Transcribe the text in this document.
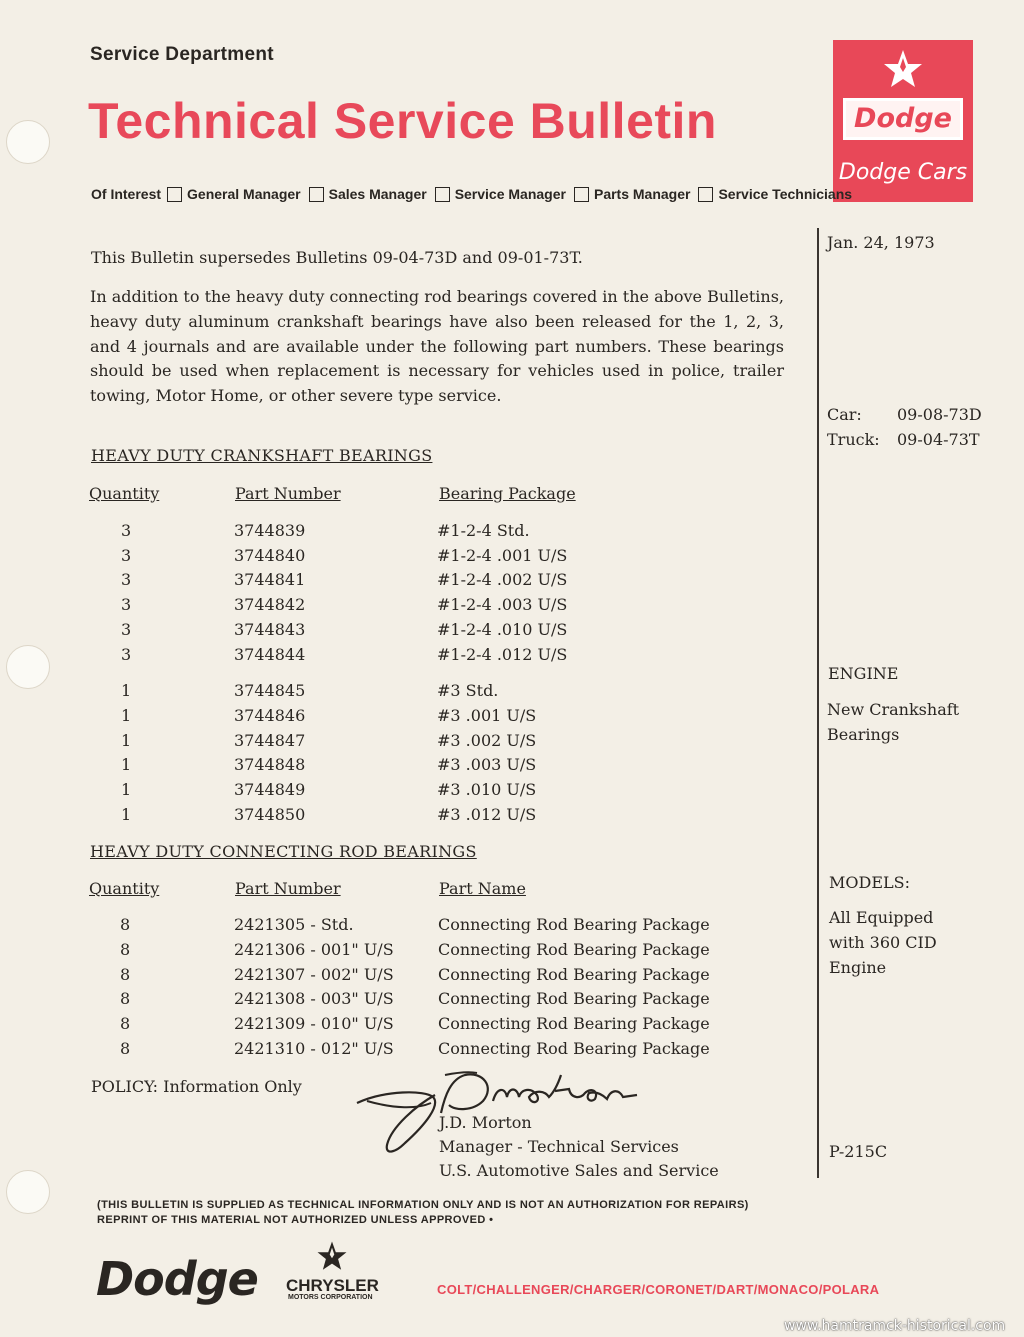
Service Department
Technical Service Bulletin	Dodge
Dodge Cars
Of Interest General Manager Sales Manager Service Manager Parts Manager Service Technicians
This Bulletin supersedes Bulletins 09-04-73D and 09-01-73T.
In addition to the heavy duty connecting rod bearings covered in the above Bulletins, heavy duty aluminum crankshaft bearings have also been released for the 1, 2, 3, and 4 journals and are available under the following part numbers. These bearings should be used when replacement is necessary for vehicles used in police, trailer towing, Motor Home, or other severe type service.
HEAVY DUTY CRANKSHAFT BEARINGS
Quantity	Part Number	Bearing Package
3	3744839	#1-2-4 Std.
3	3744840	#1-2-4 .001 U/S
3	3744841	#1-2-4 .002 U/S
3	3744842	#1-2-4 .003 U/S
3	3744843	#1-2-4 .010 U/S
3	3744844	#1-2-4 .012 U/S
1	3744845	#3 Std.
1	3744846	#3 .001 U/S
1	3744847	#3 .002 U/S
1	3744848	#3 .003 U/S
1	3744849	#3 .010 U/S
1	3744850	#3 .012 U/S
HEAVY DUTY CONNECTING ROD BEARINGS
Quantity	Part Number	Part Name
8	2421305 - Std.	Connecting Rod Bearing Package
8	2421306 - 001" U/S	Connecting Rod Bearing Package
8	2421307 - 002" U/S	Connecting Rod Bearing Package
8	2421308 - 003" U/S	Connecting Rod Bearing Package
8	2421309 - 010" U/S	Connecting Rod Bearing Package
8	2421310 - 012" U/S	Connecting Rod Bearing Package
POLICY: Information Only
J.D. Morton
Manager - Technical Services
U.S. Automotive Sales and Service
Jan. 24, 1973
Car: 09-08-73D
Truck: 09-04-73T
ENGINE
New Crankshaft
Bearings
MODELS:
All Equipped
with 360 CID
Engine
P-215C
(THIS BULLETIN IS SUPPLIED AS TECHNICAL INFORMATION ONLY AND IS NOT AN AUTHORIZATION FOR REPAIRS)
REPRINT OF THIS MATERIAL NOT AUTHORIZED UNLESS APPROVED •
Dodge CHRYSLER
MOTORS CORPORATION
COLT/CHALLENGER/CHARGER/CORONET/DART/MONACO/POLARA
www.hamtramck-historical.com
